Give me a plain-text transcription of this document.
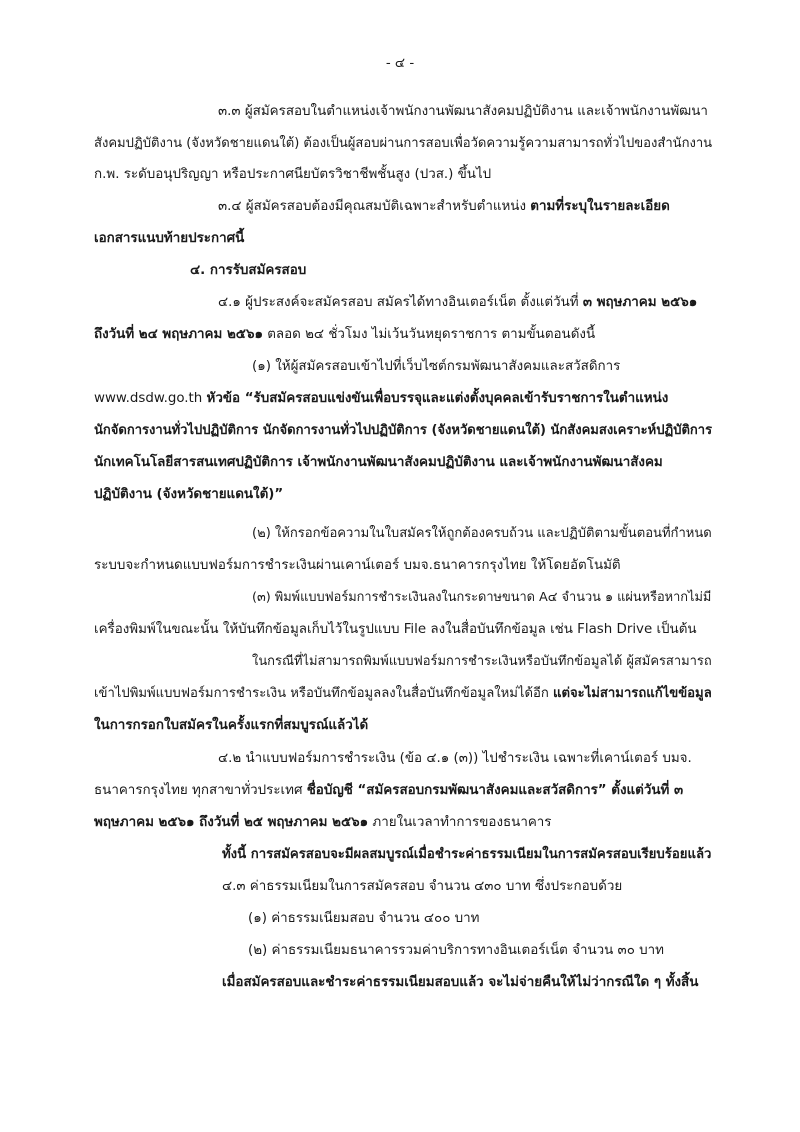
- ๔ -
๓.๓ ผู้สมัครสอบในตำแหน่งเจ้าพนักงานพัฒนาสังคมปฏิบัติงาน และเจ้าพนักงานพัฒนา
สังคมปฏิบัติงาน (จังหวัดชายแดนใต้) ต้องเป็นผู้สอบผ่านการสอบเพื่อวัดความรู้ความสามารถทั่วไปของสำนักงาน
ก.พ. ระดับอนุปริญญา หรือประกาศนียบัตรวิชาชีพชั้นสูง (ปวส.) ขึ้นไป
๓.๔ ผู้สมัครสอบต้องมีคุณสมบัติเฉพาะสำหรับตำแหน่ง ตามที่ระบุในรายละเอียด
เอกสารแนบท้ายประกาศนี้
๔. การรับสมัครสอบ
๔.๑ ผู้ประสงค์จะสมัครสอบ สมัครได้ทางอินเตอร์เน็ต ตั้งแต่วันที่ ๓ พฤษภาคม ๒๕๖๑
ถึงวันที่ ๒๔ พฤษภาคม ๒๕๖๑ ตลอด ๒๔ ชั่วโมง ไม่เว้นวันหยุดราชการ ตามขั้นตอนดังนี้
(๑) ให้ผู้สมัครสอบเข้าไปที่เว็บไซต์กรมพัฒนาสังคมและสวัสดิการ
www.dsdw.go.th หัวข้อ “รับสมัครสอบแข่งขันเพื่อบรรจุและแต่งตั้งบุคคลเข้ารับราชการในตำแหน่ง
นักจัดการงานทั่วไปปฏิบัติการ นักจัดการงานทั่วไปปฏิบัติการ (จังหวัดชายแดนใต้) นักสังคมสงเคราะห์ปฏิบัติการ
นักเทคโนโลยีสารสนเทศปฏิบัติการ เจ้าพนักงานพัฒนาสังคมปฏิบัติงาน และเจ้าพนักงานพัฒนาสังคม
ปฏิบัติงาน (จังหวัดชายแดนใต้)”
(๒) ให้กรอกข้อความในใบสมัครให้ถูกต้องครบถ้วน และปฏิบัติตามขั้นตอนที่กำหนด
ระบบจะกำหนดแบบฟอร์มการชำระเงินผ่านเคาน์เตอร์ บมจ.ธนาคารกรุงไทย ให้โดยอัตโนมัติ
(๓) พิมพ์แบบฟอร์มการชำระเงินลงในกระดาษขนาด A๔ จำนวน ๑ แผ่นหรือหากไม่มี
เครื่องพิมพ์ในขณะนั้น ให้บันทึกข้อมูลเก็บไว้ในรูปแบบ File ลงในสื่อบันทึกข้อมูล เช่น Flash Drive เป็นต้น
ในกรณีที่ไม่สามารถพิมพ์แบบฟอร์มการชำระเงินหรือบันทึกข้อมูลได้ ผู้สมัครสามารถ
เข้าไปพิมพ์แบบฟอร์มการชำระเงิน หรือบันทึกข้อมูลลงในสื่อบันทึกข้อมูลใหม่ได้อีก แต่จะไม่สามารถแก้ไขข้อมูล
ในการกรอกใบสมัครในครั้งแรกที่สมบูรณ์แล้วได้
๔.๒ นำแบบฟอร์มการชำระเงิน (ข้อ ๔.๑ (๓)) ไปชำระเงิน เฉพาะที่เคาน์เตอร์ บมจ.
ธนาคารกรุงไทย ทุกสาขาทั่วประเทศ ชื่อบัญชี “สมัครสอบกรมพัฒนาสังคมและสวัสดิการ” ตั้งแต่วันที่ ๓
พฤษภาคม ๒๕๖๑ ถึงวันที่ ๒๕ พฤษภาคม ๒๕๖๑ ภายในเวลาทำการของธนาคาร
ทั้งนี้ การสมัครสอบจะมีผลสมบูรณ์เมื่อชำระค่าธรรมเนียมในการสมัครสอบเรียบร้อยแล้ว
๔.๓ ค่าธรรมเนียมในการสมัครสอบ จำนวน ๔๓๐ บาท ซึ่งประกอบด้วย
(๑) ค่าธรรมเนียมสอบ จำนวน ๔๐๐ บาท
(๒) ค่าธรรมเนียมธนาคารรวมค่าบริการทางอินเตอร์เน็ต จำนวน ๓๐ บาท
เมื่อสมัครสอบและชำระค่าธรรมเนียมสอบแล้ว จะไม่จ่ายคืนให้ไม่ว่ากรณีใด ๆ ทั้งสิ้น
